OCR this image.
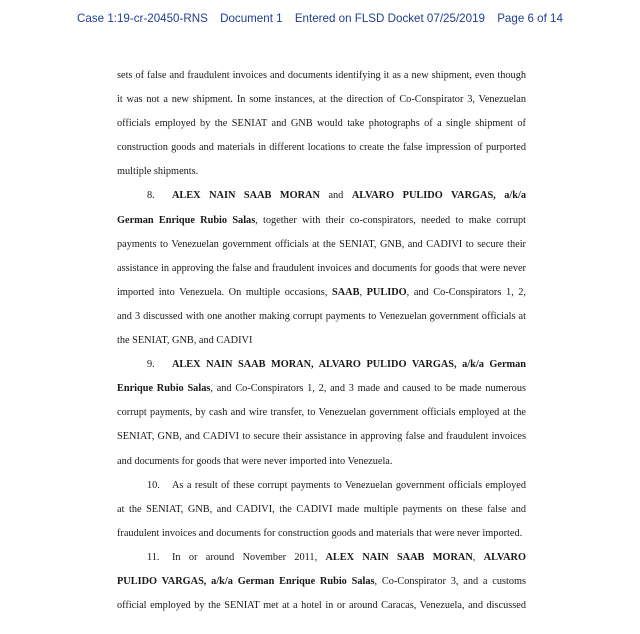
Case 1:19-cr-20450-RNS Document 1 Entered on FLSD Docket 07/25/2019 Page 6 of 14
sets of false and fraudulent invoices and documents identifying it as a new shipment, even though
it was not a new shipment. In some instances, at the direction of Co-Conspirator 3, Venezuelan
officials employed by the SENIAT and GNB would take photographs of a single shipment of
construction goods and materials in different locations to create the false impression of purported
multiple shipments.
8. ALEX NAIN SAAB MORAN and ALVARO PULIDO VARGAS, a/k/a
German Enrique Rubio Salas, together with their co-conspirators, needed to make corrupt
payments to Venezuelan government officials at the SENIAT, GNB, and CADIVI to secure their
assistance in approving the false and fraudulent invoices and documents for goods that were never
imported into Venezuela. On multiple occasions, SAAB, PULIDO, and Co-Conspirators 1, 2,
and 3 discussed with one another making corrupt payments to Venezuelan government officials at
the SENIAT, GNB, and CADIVI
9. ALEX NAIN SAAB MORAN, ALVARO PULIDO VARGAS, a/k/a German
Enrique Rubio Salas, and Co-Conspirators 1, 2, and 3 made and caused to be made numerous
corrupt payments, by cash and wire transfer, to Venezuelan government officials employed at the
SENIAT, GNB, and CADIVI to secure their assistance in approving false and fraudulent invoices
and documents for goods that were never imported into Venezuela.
10. As a result of these corrupt payments to Venezuelan government officials employed
at the SENIAT, GNB, and CADIVI, the CADIVI made multiple payments on these false and
fraudulent invoices and documents for construction goods and materials that were never imported.
11. In or around November 2011, ALEX NAIN SAAB MORAN, ALVARO
PULIDO VARGAS, a/k/a German Enrique Rubio Salas, Co-Conspirator 3, and a customs
official employed by the SENIAT met at a hotel in or around Caracas, Venezuela, and discussed
